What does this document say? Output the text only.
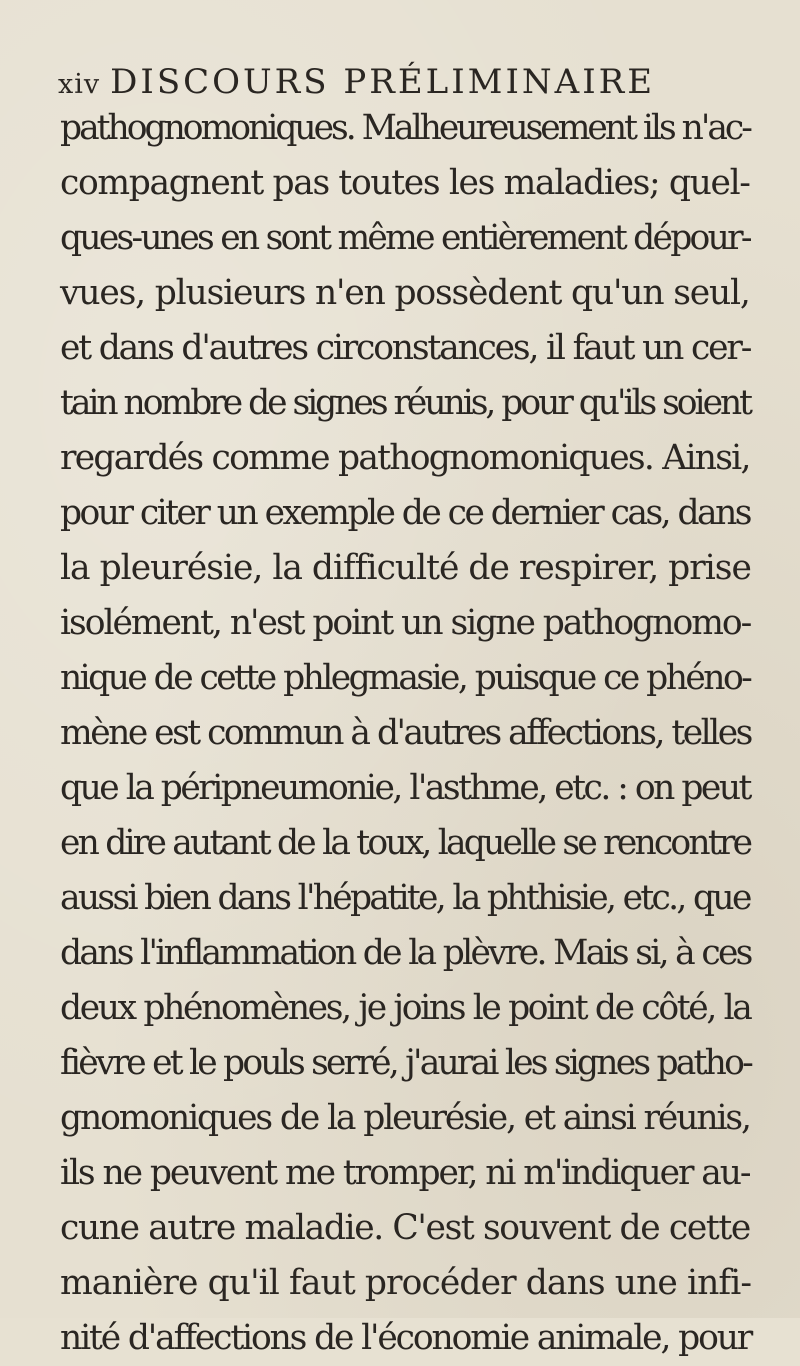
xiv DISCOURS PRÉLIMINAIRE
pathognomoniques. Malheureusement ils n'ac-
compagnent pas toutes les maladies; quel-
ques-unes en sont même entièrement dépour-
vues, plusieurs n'en possèdent qu'un seul,
et dans d'autres circonstances, il faut un cer-
tain nombre de signes réunis, pour qu'ils soient
regardés comme pathognomoniques. Ainsi,
pour citer un exemple de ce dernier cas, dans
la pleurésie, la difficulté de respirer, prise
isolément, n'est point un signe pathognomo-
nique de cette phlegmasie, puisque ce phéno-
mène est commun à d'autres affections, telles
que la péripneumonie, l'asthme, etc. : on peut
en dire autant de la toux, laquelle se rencontre
aussi bien dans l'hépatite, la phthisie, etc., que
dans l'inflammation de la plèvre. Mais si, à ces
deux phénomènes, je joins le point de côté, la
fièvre et le pouls serré, j'aurai les signes patho-
gnomoniques de la pleurésie, et ainsi réunis,
ils ne peuvent me tromper, ni m'indiquer au-
cune autre maladie. C'est souvent de cette
manière qu'il faut procéder dans une infi-
nité d'affections de l'économie animale, pour
